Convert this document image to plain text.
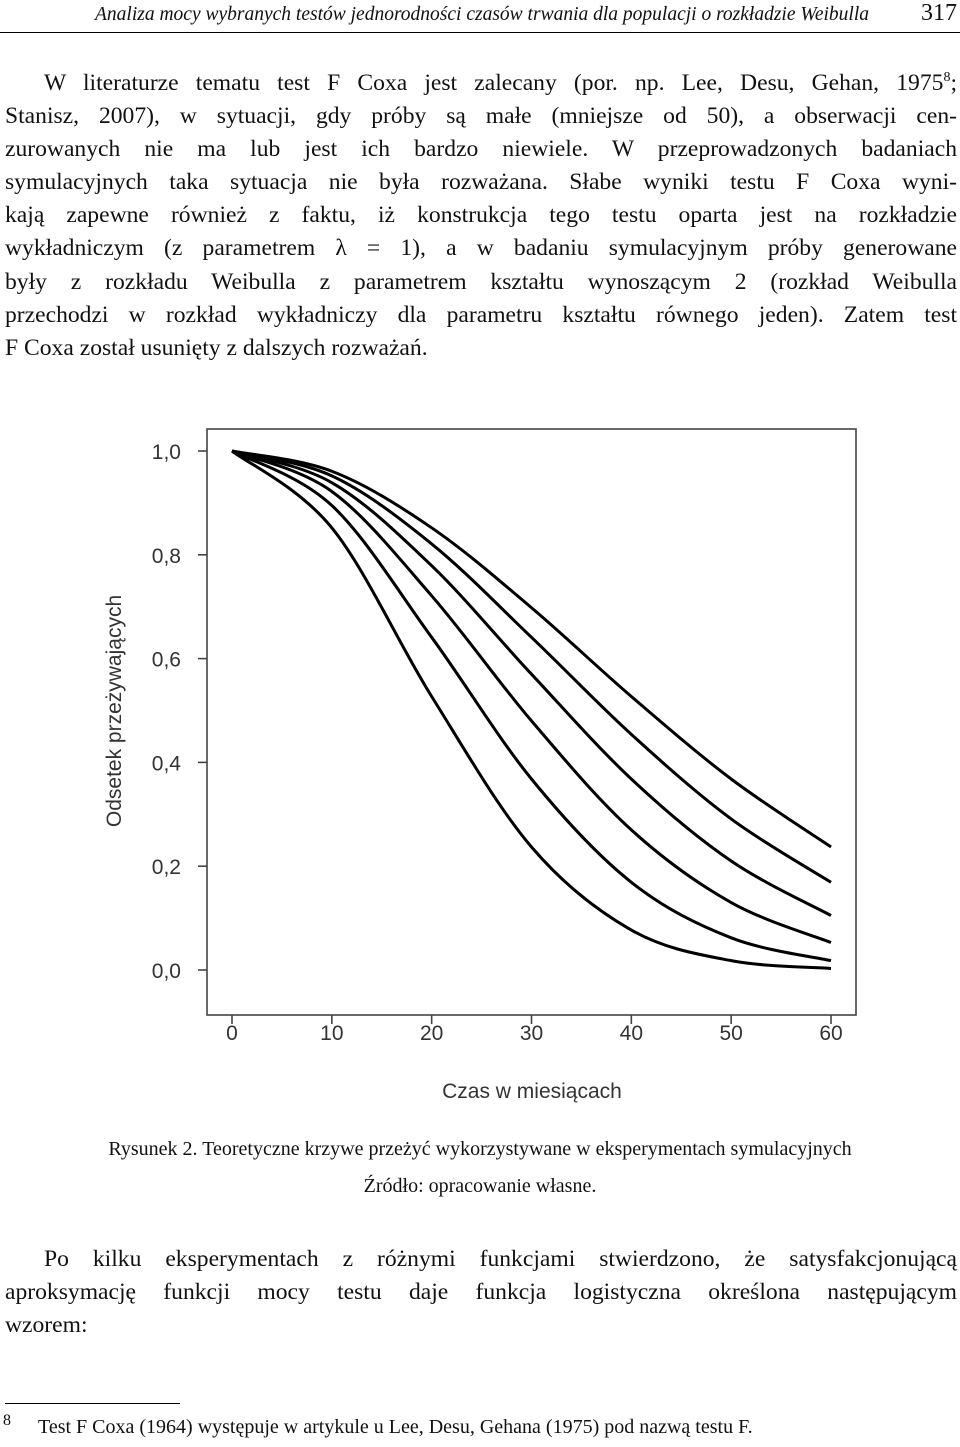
Analiza mocy wybranych testów jednorodności czasów trwania dla populacji o rozkładzie Weibulla 317
W literaturze tematu test F Coxa jest zalecany (por. np. Lee, Desu, Gehan, 1975$^8$;
Stanisz, 2007), w sytuacji, gdy próby są małe (mniejsze od 50), a obserwacji cen-
zurowanych nie ma lub jest ich bardzo niewiele. W przeprowadzonych badaniach
symulacyjnych taka sytuacja nie była rozważana. Słabe wyniki testu F Coxa wyni-
kają zapewne również z faktu, iż konstrukcja tego testu oparta jest na rozkładzie
wykładniczym (z parametrem λ = 1), a w badaniu symulacyjnym próby generowane
były z rozkładu Weibulla z parametrem kształtu wynoszącym 2 (rozkład Weibulla
przechodzi w rozkład wykładniczy dla parametru kształtu równego jeden). Zatem test
F Coxa został usunięty z dalszych rozważań.
0,0
0,2
0,4
0,6
0,8
1,0
0	10	20	30	40	50	60
Czas w miesiącach
Odsetek przeżywających
Rysunek 2. Teoretyczne krzywe przeżyć wykorzystywane w eksperymentach symulacyjnych
Źródło: opracowanie własne.
Po kilku eksperymentach z różnymi funkcjami stwierdzono, że satysfakcjonującą
aproksymację funkcji mocy testu daje funkcja logistyczna określona następującym
wzorem:
8 Test F Coxa (1964) występuje w artykule u Lee, Desu, Gehana (1975) pod nazwą testu F.
